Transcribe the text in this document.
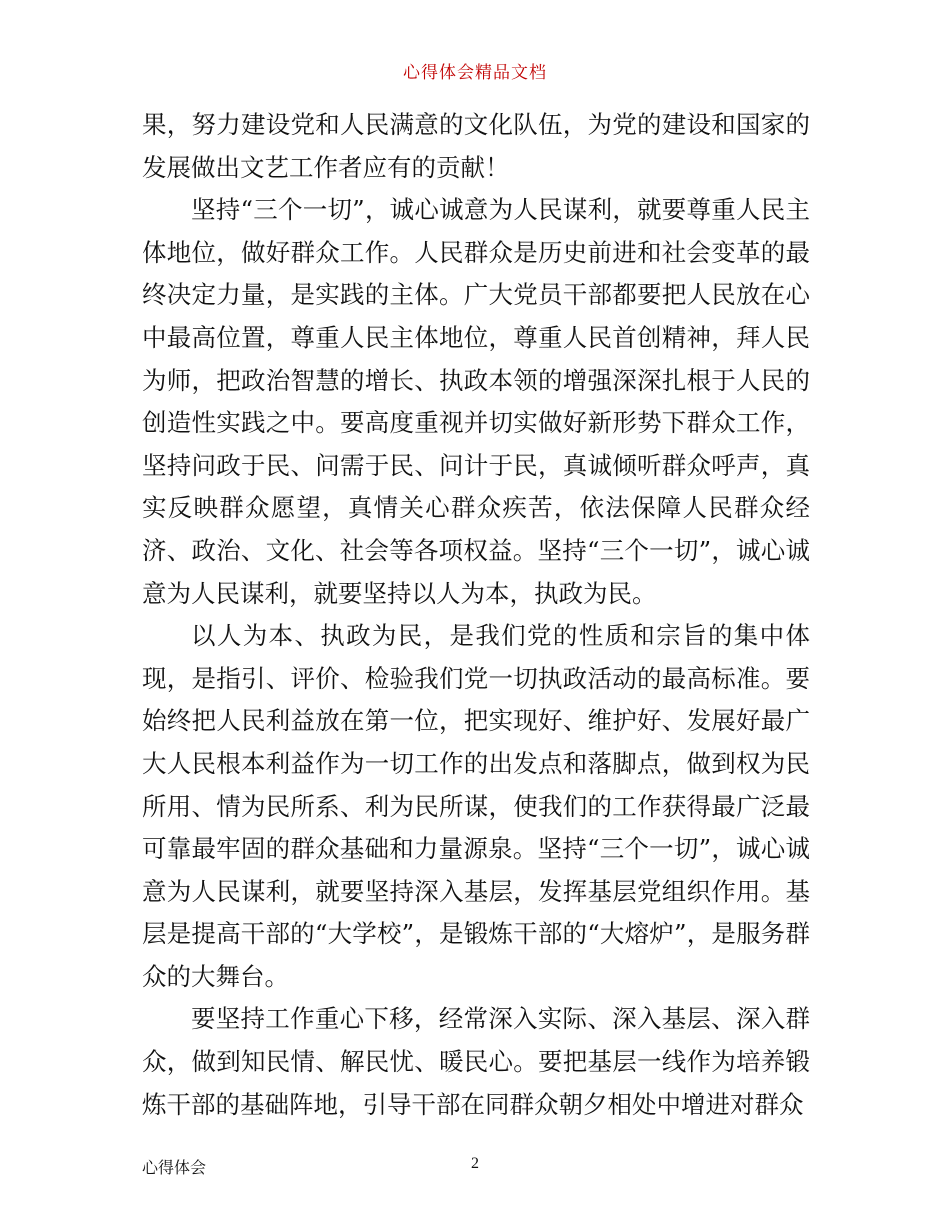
心得体会精品文档

果，努力建设党和人民满意的文化队伍，为党的建设和国家的发展做出文艺工作者应有的贡献！

坚持“三个一切”，诚心诚意为人民谋利，就要尊重人民主体地位，做好群众工作。人民群众是历史前进和社会变革的最终决定力量，是实践的主体。广大党员干部都要把人民放在心中最高位置，尊重人民主体地位，尊重人民首创精神，拜人民为师，把政治智慧的增长、执政本领的增强深深扎根于人民的创造性实践之中。要高度重视并切实做好新形势下群众工作，坚持问政于民、问需于民、问计于民，真诚倾听群众呼声，真实反映群众愿望，真情关心群众疾苦，依法保障人民群众经济、政治、文化、社会等各项权益。坚持“三个一切”，诚心诚意为人民谋利，就要坚持以人为本，执政为民。

以人为本、执政为民，是我们党的性质和宗旨的集中体现，是指引、评价、检验我们党一切执政活动的最高标准。要始终把人民利益放在第一位，把实现好、维护好、发展好最广大人民根本利益作为一切工作的出发点和落脚点，做到权为民所用、情为民所系、利为民所谋，使我们的工作获得最广泛最可靠最牢固的群众基础和力量源泉。坚持“三个一切”，诚心诚意为人民谋利，就要坚持深入基层，发挥基层党组织作用。基层是提高干部的“大学校”，是锻炼干部的“大熔炉”，是服务群众的大舞台。

要坚持工作重心下移，经常深入实际、深入基层、深入群众，做到知民情、解民忧、暖民心。要把基层一线作为培养锻炼干部的基础阵地，引导干部在同群众朝夕相处中增进对群众

心得体会	2
